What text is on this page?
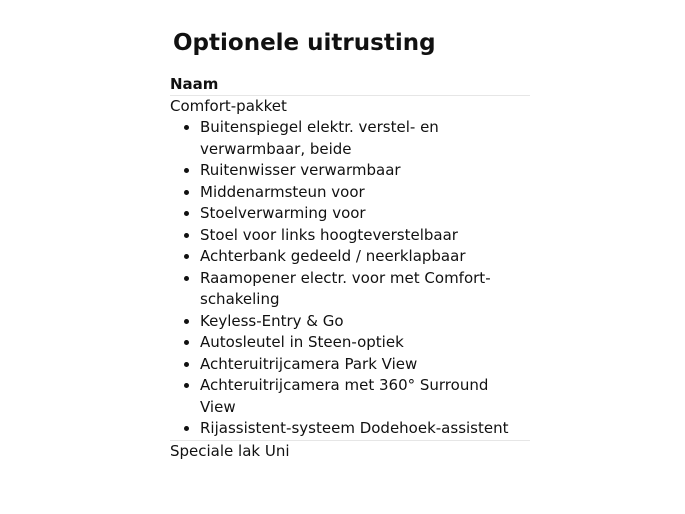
Optionele uitrusting
Naam
Comfort-pakket
• Buitenspiegel elektr. verstel- en verwarmbaar, beide
• Ruitenwisser verwarmbaar
• Middenarmsteun voor
• Stoelverwarming voor
• Stoel voor links hoogteverstelbaar
• Achterbank gedeeld / neerklapbaar
• Raamopener electr. voor met Comfort-schakeling
• Keyless-Entry & Go
• Autosleutel in Steen-optiek
• Achteruitrijcamera Park View
• Achteruitrijcamera met 360° Surround View
• Rijassistent-systeem Dodehoek-assistent
Speciale lak Uni
